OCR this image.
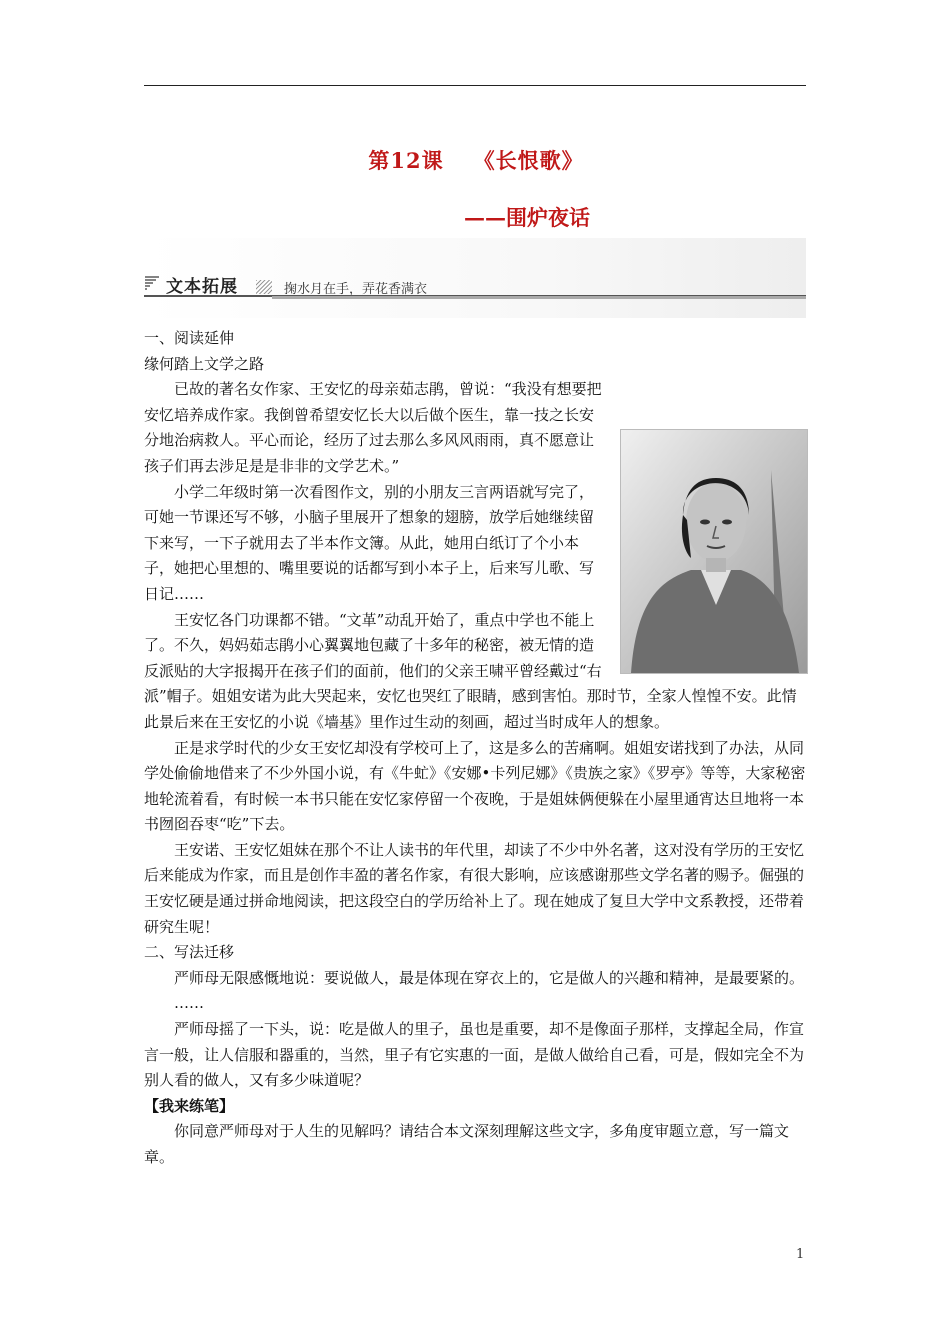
第12课 《长恨歌》
——围炉夜话
文本拓展	掬水月在手，弄花香满衣

一、阅读延伸

缘何踏上文学之路

已故的著名女作家、王安忆的母亲茹志鹃，曾说：“我没有想要把安忆培养成作家。我倒曾希望安忆长大以后做个医生，靠一技之长安分地治病救人。平心而论，经历了过去那么多风风雨雨，真不愿意让孩子们再去涉足是是非非的文学艺术。”

小学二年级时第一次看图作文，别的小朋友三言两语就写完了，可她一节课还写不够，小脑子里展开了想象的翅膀，放学后她继续留下来写，一下子就用去了半本作文簿。从此，她用白纸订了个小本子，她把心里想的、嘴里要说的话都写到小本子上，后来写儿歌、写日记……

王安忆各门功课都不错。“文革”动乱开始了，重点中学也不能上了。不久，妈妈茹志鹃小心翼翼地包藏了十多年的秘密，被无情的造反派贴的大字报揭开在孩子们的面前，他们的父亲王啸平曾经戴过“右派”帽子。姐姐安诺为此大哭起来，安忆也哭红了眼睛，感到害怕。那时节，全家人惶惶不安。此情此景后来在王安忆的小说《墙基》里作过生动的刻画，超过当时成年人的想象。

正是求学时代的少女王安忆却没有学校可上了，这是多么的苦痛啊。姐姐安诺找到了办法，从同学处偷偷地借来了不少外国小说，有《牛虻》《安娜•卡列尼娜》《贵族之家》《罗亭》等等，大家秘密地轮流着看，有时候一本书只能在安忆家停留一个夜晚，于是姐妹俩便躲在小屋里通宵达旦地将一本书囫囵吞枣“吃”下去。

王安诺、王安忆姐妹在那个不让人读书的年代里，却读了不少中外名著，这对没有学历的王安忆后来能成为作家，而且是创作丰盈的著名作家，有很大影响，应该感谢那些文学名著的赐予。倔强的王安忆硬是通过拼命地阅读，把这段空白的学历给补上了。现在她成了复旦大学中文系教授，还带着研究生呢！

二、写法迁移

严师母无限感慨地说：要说做人，最是体现在穿衣上的，它是做人的兴趣和精神，是最要紧的。

……

严师母摇了一下头，说：吃是做人的里子，虽也是重要，却不是像面子那样，支撑起全局，作宣言一般，让人信服和器重的，当然，里子有它实惠的一面，是做人做给自己看，可是，假如完全不为别人看的做人，又有多少味道呢？

【我来练笔】

你同意严师母对于人生的见解吗？请结合本文深刻理解这些文字，多角度审题立意，写一篇文章。

1
